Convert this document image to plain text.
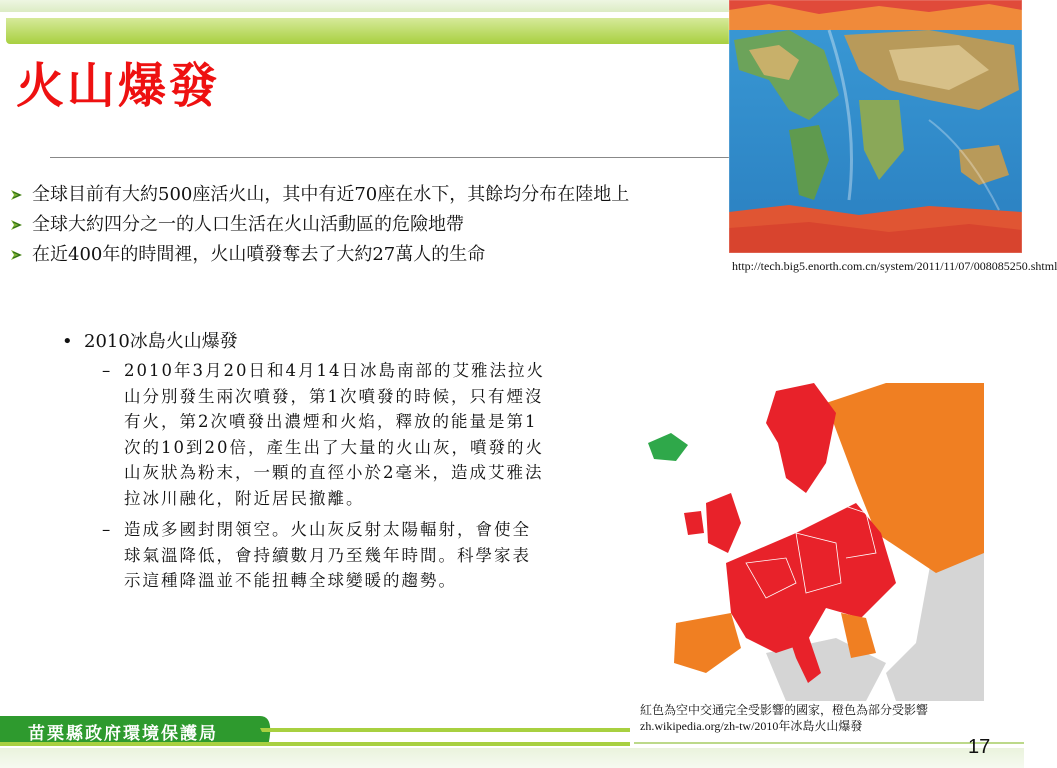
火山爆發
全球目前有大約500座活火山，其中有近70座在水下，其餘均分布在陸地上
全球大約四分之一的人口生活在火山活動區的危險地帶
在近400年的時間裡，火山噴發奪去了大約27萬人的生命
• 2010冰島火山爆發
– 2010年3月20日和4月14日冰島南部的艾雅法拉火山分別發生兩次噴發，第1次噴發的時候，只有煙沒有火，第2次噴發出濃煙和火焰，釋放的能量是第1次的10到20倍，產生出了大量的火山灰，噴發的火山灰狀為粉末，一顆的直徑小於2毫米，造成艾雅法拉冰川融化，附近居民撤離。
– 造成多國封閉領空。火山灰反射太陽輻射，會使全球氣溫降低，會持續數月乃至幾年時間。科學家表示這種降溫並不能扭轉全球變暖的趨勢。
http://tech.big5.enorth.com.cn/system/2011/11/07/008085250.shtml
紅色為空中交通完全受影響的國家，橙色為部分受影響
zh.wikipedia.org/zh-tw/2010年冰島火山爆發
苗栗縣政府環境保護局
17
